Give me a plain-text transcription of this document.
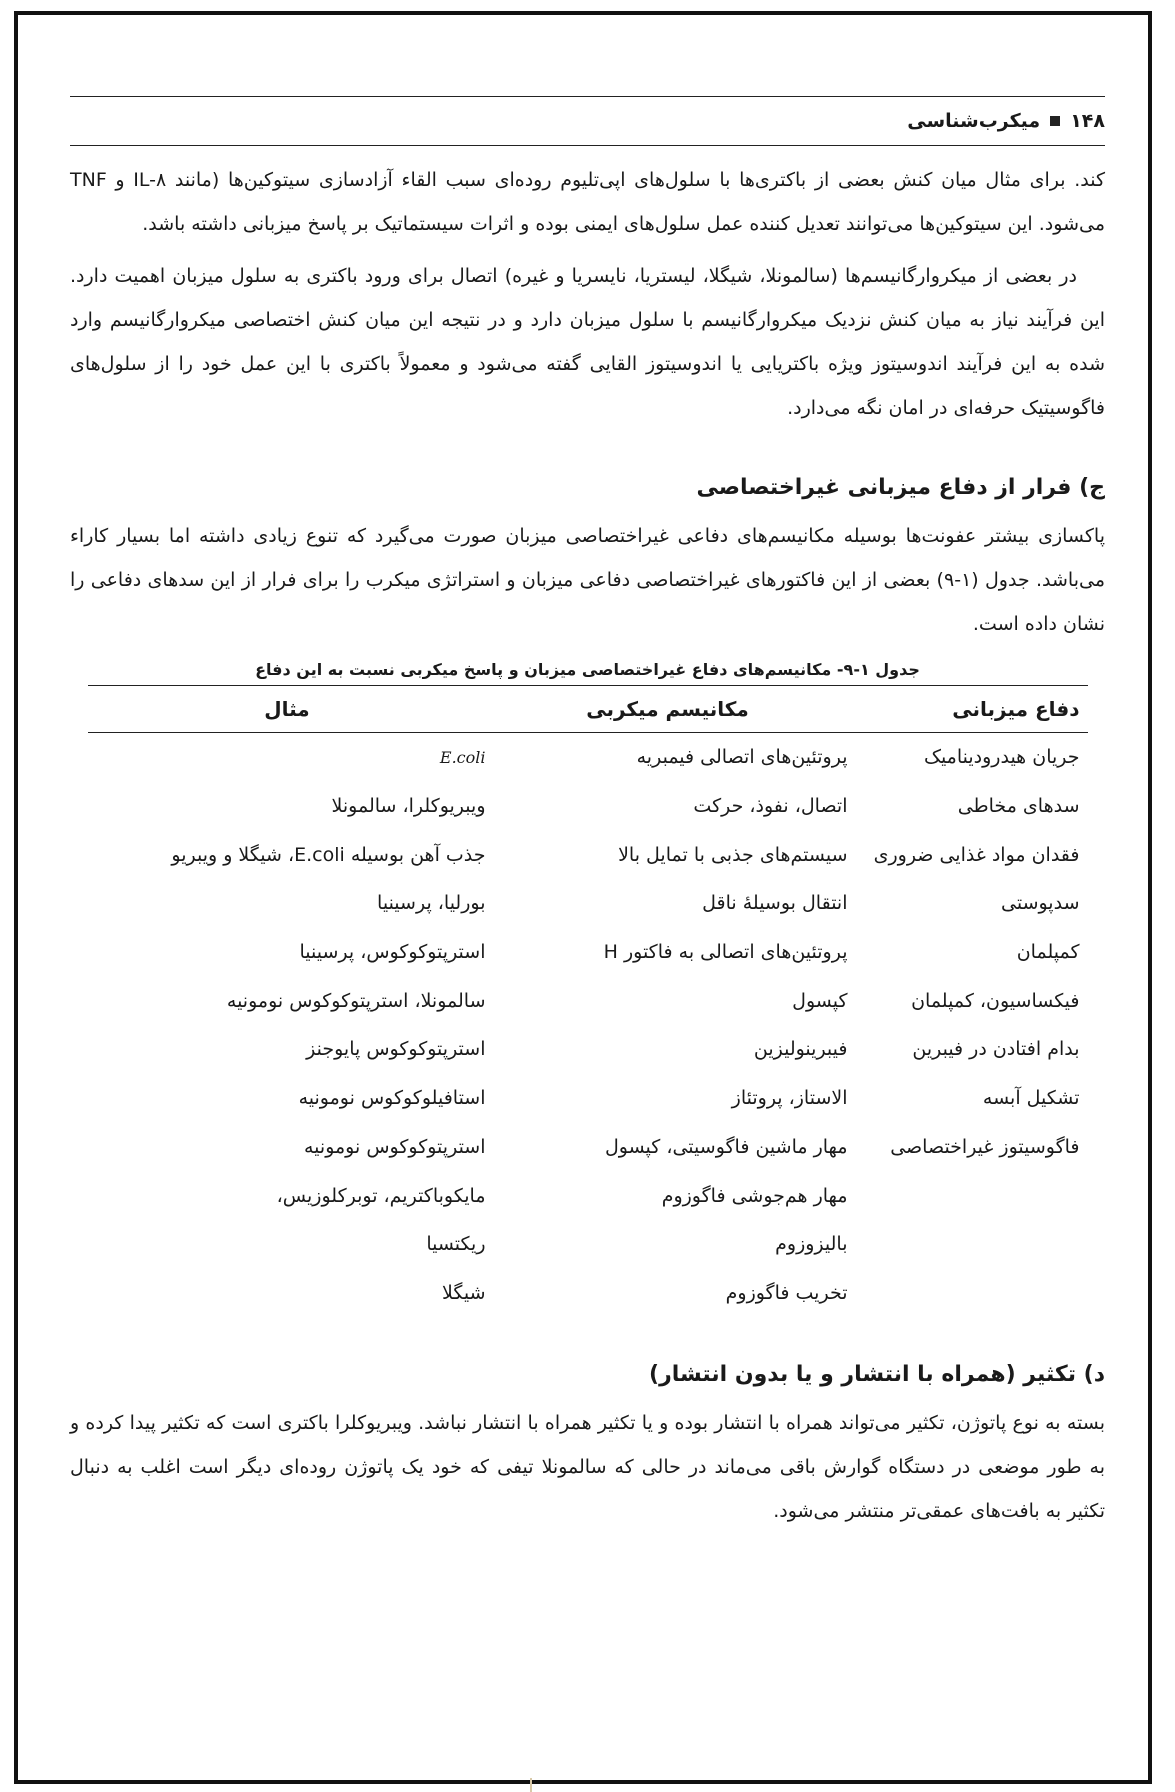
۱۴۸
میکرب‌شناسی

کند. برای مثال میان کنش بعضی از باکتری‌ها با سلول‌های اپی‌تلیوم روده‌ای سبب القاء آزادسازی سیتوکین‌ها (مانند IL-۸ و TNF می‌شود. این سیتوکین‌ها می‌توانند تعدیل کننده عمل سلول‌های ایمنی بوده و اثرات سیستماتیک بر پاسخ میزبانی داشته باشد.

در بعضی از میکروارگانیسم‌ها (سالمونلا، شیگلا، لیستریا، نایسریا و غیره) اتصال برای ورود باکتری به سلول میزبان اهمیت دارد. این فرآیند نیاز به میان کنش نزدیک میکروارگانیسم با سلول میزبان دارد و در نتیجه این میان کنش اختصاصی میکروارگانیسم وارد شده به این فرآیند اندوسیتوز ویژه باکتریایی یا اندوسیتوز القایی گفته می‌شود و معمولاً باکتری با این عمل خود را از سلول‌های فاگوسیتیک حرفه‌ای در امان نگه می‌دارد.

ج) فرار از دفاع میزبانی غیراختصاصی

پاکسازی بیشتر عفونت‌ها بوسیله مکانیسم‌های دفاعی غیراختصاصی میزبان صورت می‌گیرد که تنوع زیادی داشته اما بسیار کاراء می‌باشد. جدول (۱-۹) بعضی از این فاکتورهای غیراختصاصی دفاعی میزبان و استراتژی میکرب را برای فرار از این سدهای دفاعی را نشان داده است.

جدول ۱-۹- مکانیسم‌های دفاع غیراختصاصی میزبان و پاسخ میکربی نسبت به این دفاع
دفاع میزبانی	مکانیسم میکربی	مثال
جریان هیدرودینامیک	پروتئین‌های اتصالی فیمبریه	E.coli
سدهای مخاطی	اتصال، نفوذ، حرکت	ویبریوکلرا، سالمونلا
فقدان مواد غذایی ضروری	سیستم‌های جذبی با تمایل بالا	جذب آهن بوسیله E.coli، شیگلا و ویبریو
سدپوستی	انتقال بوسیلهٔ ناقل	بورلیا، پرسینیا
کمپلمان	پروتئین‌های اتصالی به فاکتور H	استرپتوکوکوس، پرسینیا
فیکساسیون، کمپلمان	کپسول	سالمونلا، استرپتوکوکوس نومونیه
بدام افتادن در فیبرین	فیبرینولیزین	استرپتوکوکوس پایوجنز
تشکیل آبسه	الاستاز، پروتئاز	استافیلوکوکوس نومونیه
فاگوسیتوز غیراختصاصی	مهار ماشین فاگوسیتی، کپسول	استرپتوکوکوس نومونیه
	مهار هم‌جوشی فاگوزوم	مایکوباکتریم، توبرکلوزیس،
	بالیزوزوم	ریکتسیا
	تخریب فاگوزوم	شیگلا
د) تکثیر (همراه با انتشار و یا بدون انتشار)

بسته به نوع پاتوژن، تکثیر می‌تواند همراه با انتشار بوده و یا تکثیر همراه با انتشار نباشد. ویبریوکلرا باکتری است که تکثیر پیدا کرده و به طور موضعی در دستگاه گوارش باقی می‌ماند در حالی که سالمونلا تیفی که خود یک پاتوژن روده‌ای دیگر است اغلب به دنبال تکثیر به بافت‌های عمقی‌تر منتشر می‌شود.
